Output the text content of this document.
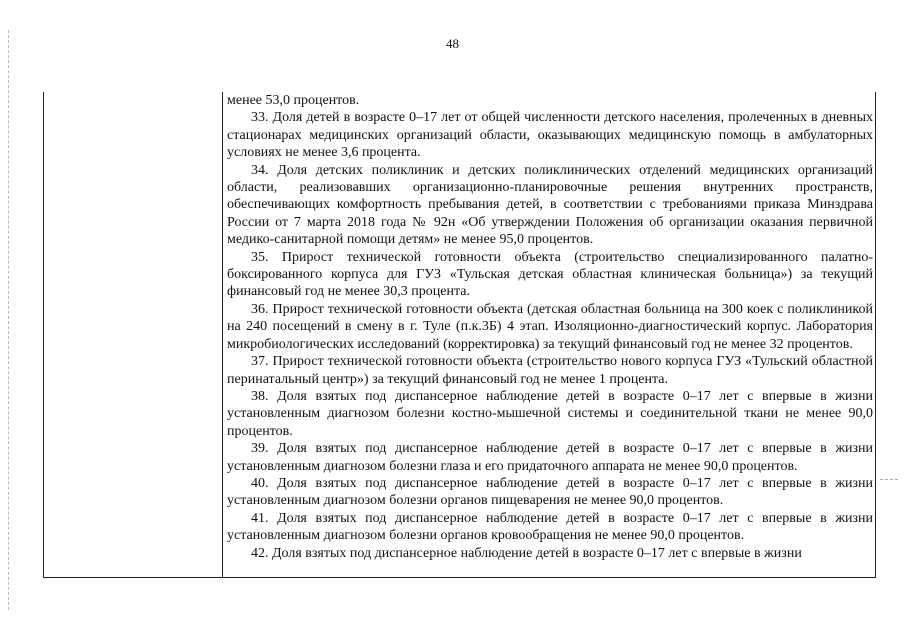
48

менее 53,0 процентов.

33. Доля детей в возрасте 0–17 лет от общей численности детского населения, пролеченных в дневных стационарах медицинских организаций области, оказывающих медицинскую помощь в амбулаторных условиях не менее 3,6 процента.

34. Доля детских поликлиник и детских поликлинических отделений медицинских организаций области, реализовавших организационно-планировочные решения внутренних пространств, обеспечивающих комфортность пребывания детей, в соответствии с требованиями приказа Минздрава России от 7 марта 2018 года № 92н «Об утверждении Положения об организации оказания первичной медико-санитарной помощи детям» не менее 95,0 процентов.

35. Прирост технической готовности объекта (строительство специализированного палатно-боксированного корпуса для ГУЗ «Тульская детская областная клиническая больница») за текущий финансовый год не менее 30,3 процента.

36. Прирост технической готовности объекта (детская областная больница на 300 коек с поликлиникой на 240 посещений в смену в г. Туле (п.к.3Б) 4 этап. Изоляционно-диагностический корпус. Лаборатория микробиологических исследований (корректировка) за текущий финансовый год не менее 32 процентов.

37. Прирост технической готовности объекта (строительство нового корпуса ГУЗ «Тульский областной перинатальный центр») за текущий финансовый год не менее 1 процента.

38. Доля взятых под диспансерное наблюдение детей в возрасте 0–17 лет с впервые в жизни установленным диагнозом болезни костно-мышечной системы и соединительной ткани не менее 90,0 процентов.

39. Доля взятых под диспансерное наблюдение детей в возрасте 0–17 лет с впервые в жизни установленным диагнозом болезни глаза и его придаточного аппарата не менее 90,0 процентов.

40. Доля взятых под диспансерное наблюдение детей в возрасте 0–17 лет с впервые в жизни установленным диагнозом болезни органов пищеварения не менее 90,0 процентов.

41. Доля взятых под диспансерное наблюдение детей в возрасте 0–17 лет с впервые в жизни установленным диагнозом болезни органов кровообращения не менее 90,0 процентов.

42. Доля взятых под диспансерное наблюдение детей в возрасте 0–17 лет с впервые в жизни
